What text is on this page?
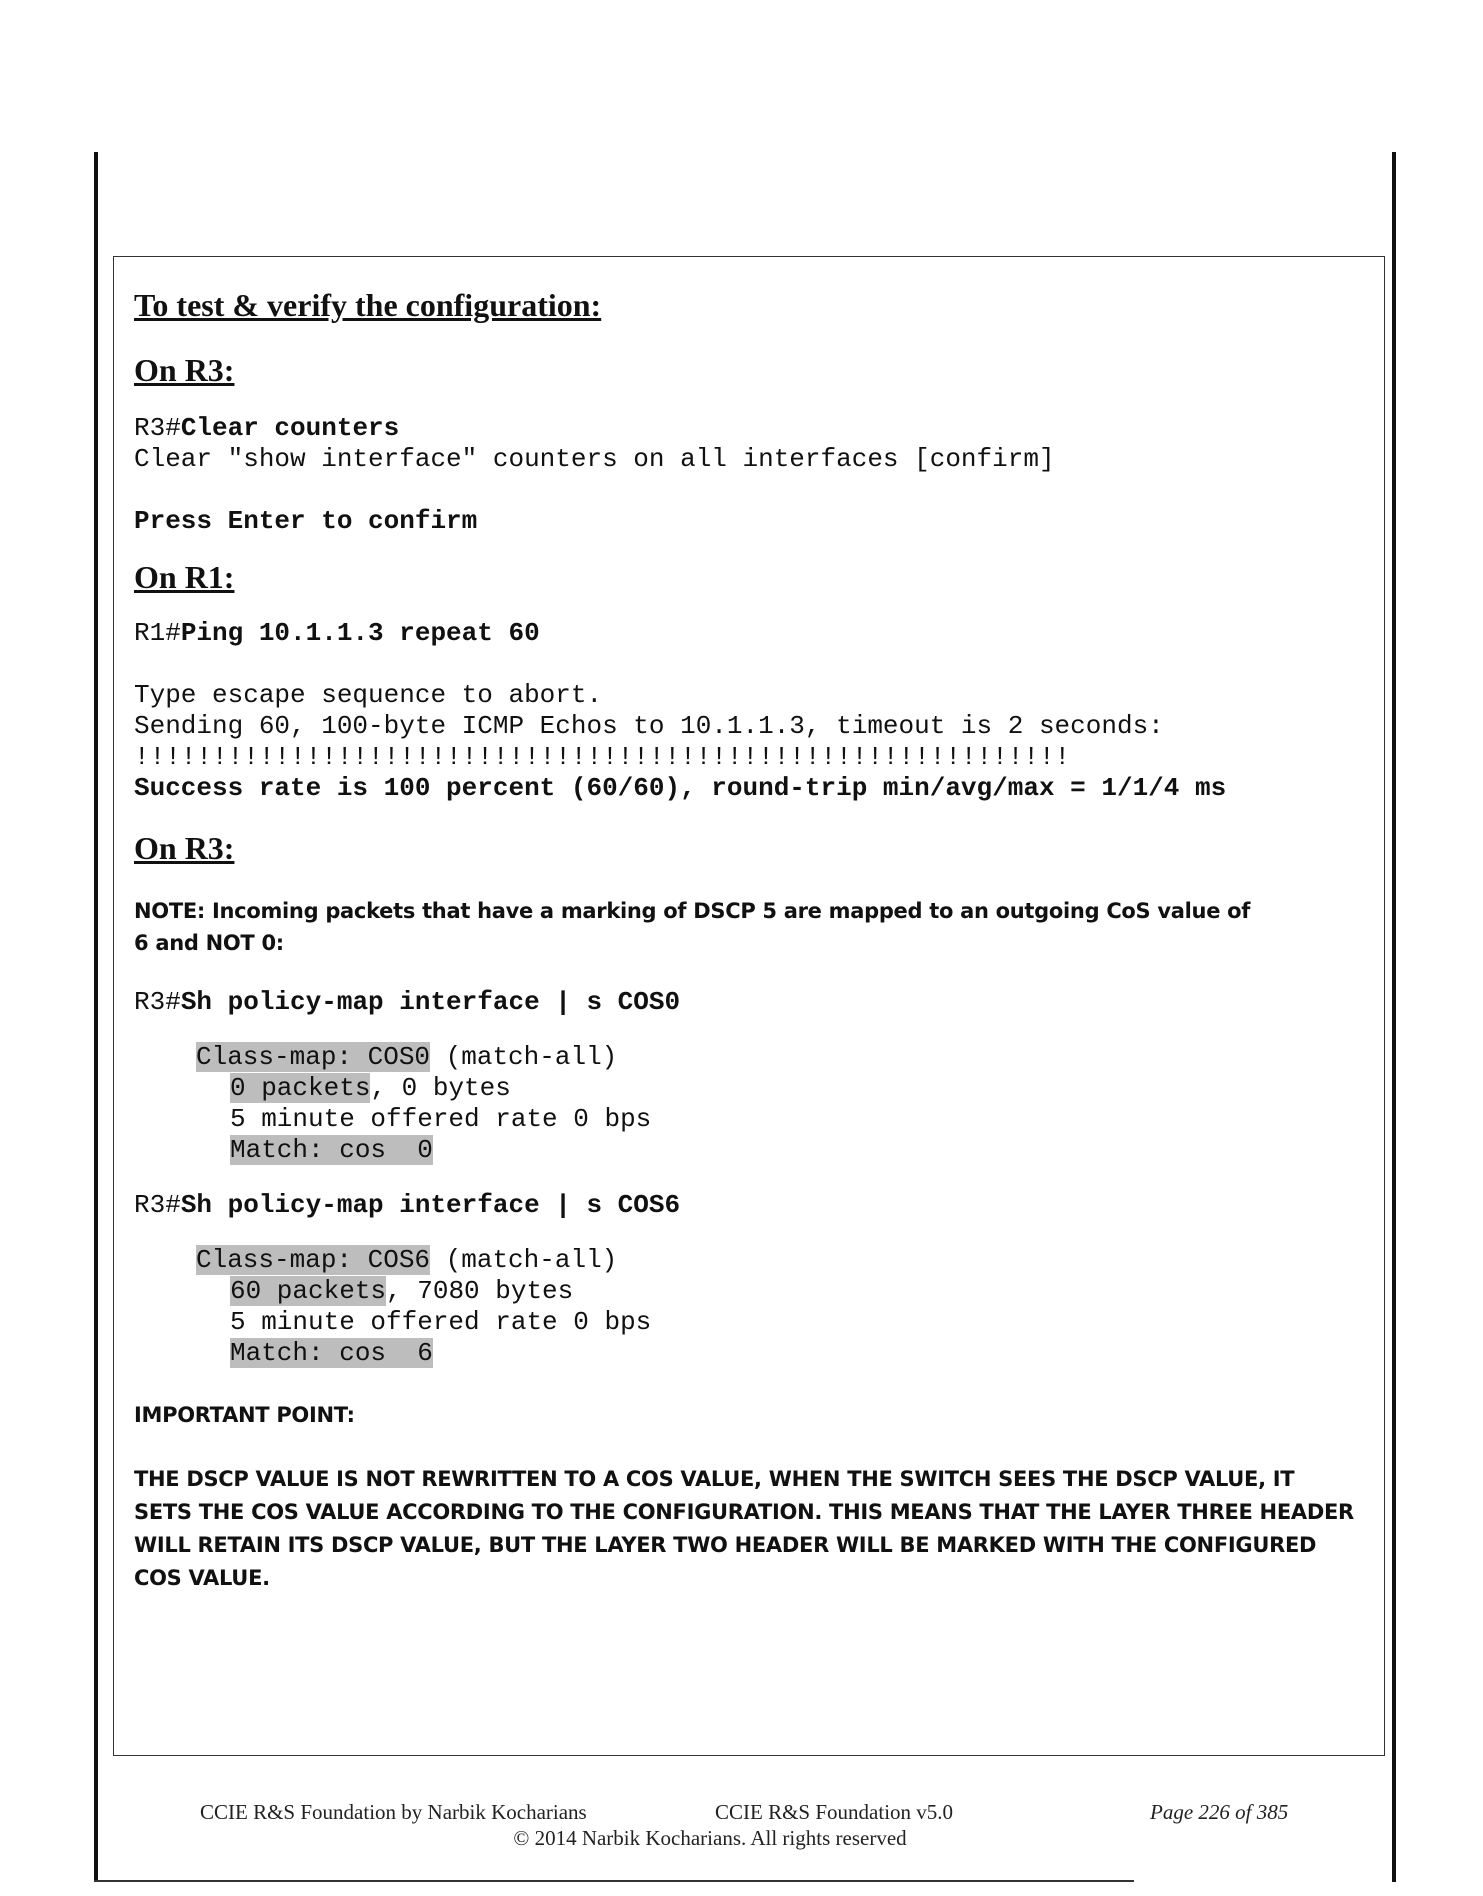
To test & verify the configuration:

On R3:

R3#Clear counters

Clear "show interface" counters on all interfaces [confirm]

Press Enter to confirm

On R1:

R1#Ping 10.1.1.3 repeat 60

Type escape sequence to abort.

Sending 60, 100-byte ICMP Echos to 10.1.1.3, timeout is 2 seconds:

!!!!!!!!!!!!!!!!!!!!!!!!!!!!!!!!!!!!!!!!!!!!!!!!!!!!!!!!!!!!

Success rate is 100 percent (60/60), round-trip min/avg/max = 1/1/4 ms

On R3:

NOTE: Incoming packets that have a marking of DSCP 5 are mapped to an outgoing CoS value of 6 and NOT 0:

R3#Sh policy-map interface | s COS0

Class-map: COS0 (match-all)

0 packets, 0 bytes

5 minute offered rate 0 bps

Match: cos  0

R3#Sh policy-map interface | s COS6

Class-map: COS6 (match-all)

60 packets, 7080 bytes

5 minute offered rate 0 bps

Match: cos  6

IMPORTANT POINT:

THE DSCP VALUE IS NOT REWRITTEN TO A COS VALUE, WHEN THE SWITCH SEES THE DSCP VALUE, IT SETS THE COS VALUE ACCORDING TO THE CONFIGURATION. THIS MEANS THAT THE LAYER THREE HEADER WILL RETAIN ITS DSCP VALUE, BUT THE LAYER TWO HEADER WILL BE MARKED WITH THE CONFIGURED COS VALUE.

CCIE R&S Foundation by Narbik Kocharians	CCIE R&S Foundation v5.0	Page 226 of 385
© 2014 Narbik Kocharians. All rights reserved
